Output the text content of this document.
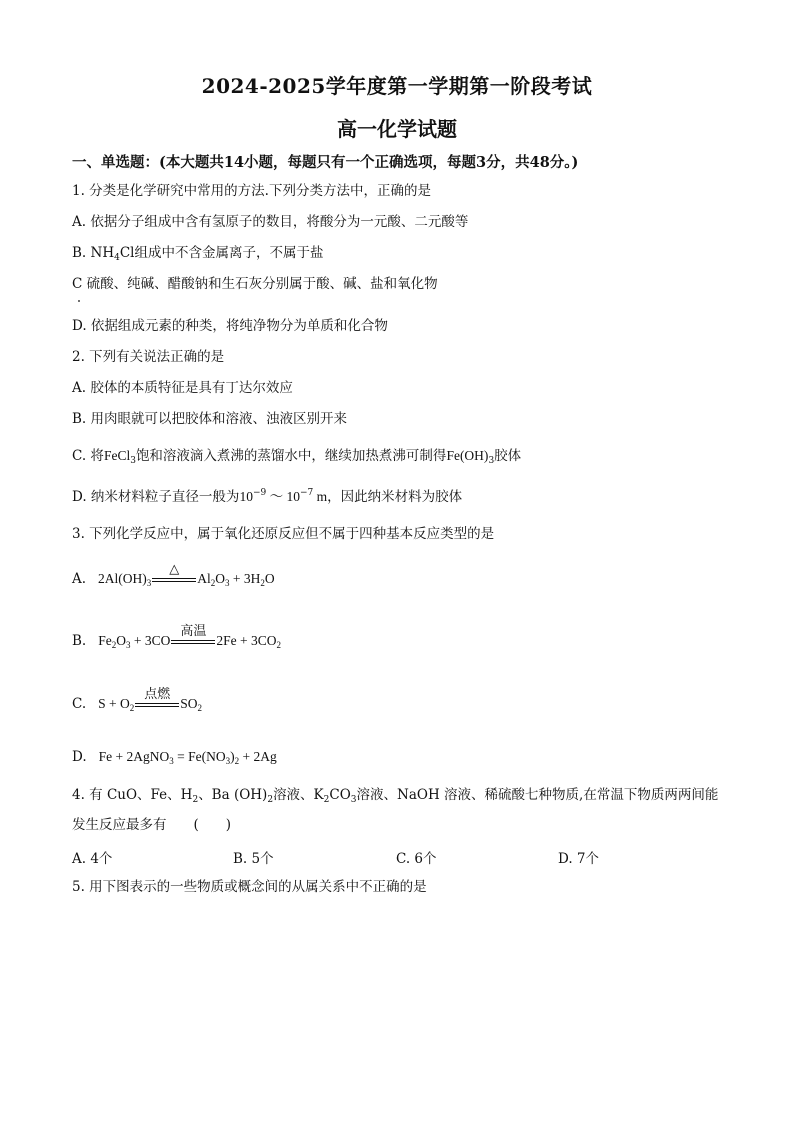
2024-2025学年度第一学期第一阶段考试
高一化学试题
一、单选题：(本大题共14小题，每题只有一个正确选项，每题3分，共48分。)
1. 分类是化学研究中常用的方法.下列分类方法中，正确的是
A. 依据分子组成中含有氢原子的数目，将酸分为一元酸、二元酸等
B. $NH_4Cl$组成中不含金属离子，不属于盐
C 硫酸、纯碱、醋酸钠和生石灰分别属于酸、碱、盐和氧化物
D. 依据组成元素的种类，将纯净物分为单质和化合物
2. 下列有关说法正确的是
A. 胶体的本质特征是具有丁达尔效应
B. 用肉眼就可以把胶体和溶液、浊液区别开来
C. 将FeCl$_3$饱和溶液滴入煮沸的蒸馏水中，继续加热煮沸可制得$Fe(OH)_3$胶体
D. 纳米材料粒子直径一般为$10^{-9}$ ～ $10^{-7}$ m，因此纳米材料为胶体
3. 下列化学反应中，属于氧化还原反应但不属于四种基本反应类型的是
A. $2Al(OH)_3$
△
$Al_2O_3 + 3H_2O$
B. $Fe_2O_3 + 3CO$
高温
$2Fe + 3CO_2$
C. $S + O_2$
点燃
$SO_2$
D. Fe + 2AgNO$_3$ = $Fe(NO_3)_2 + 2Ag$
4. 有 CuO、Fe、$H_2$、Ba $(OH)_2$溶液、$K_2CO_3$溶液、NaOH 溶液、稀硫酸七种物质,在常温下物质两两间能
发生反应最多有　　(　　)
A. 4个	B. 5个	C. 6个	D. 7个
5. 用下图表示的一些物质或概念间的从属关系中不正确的是
